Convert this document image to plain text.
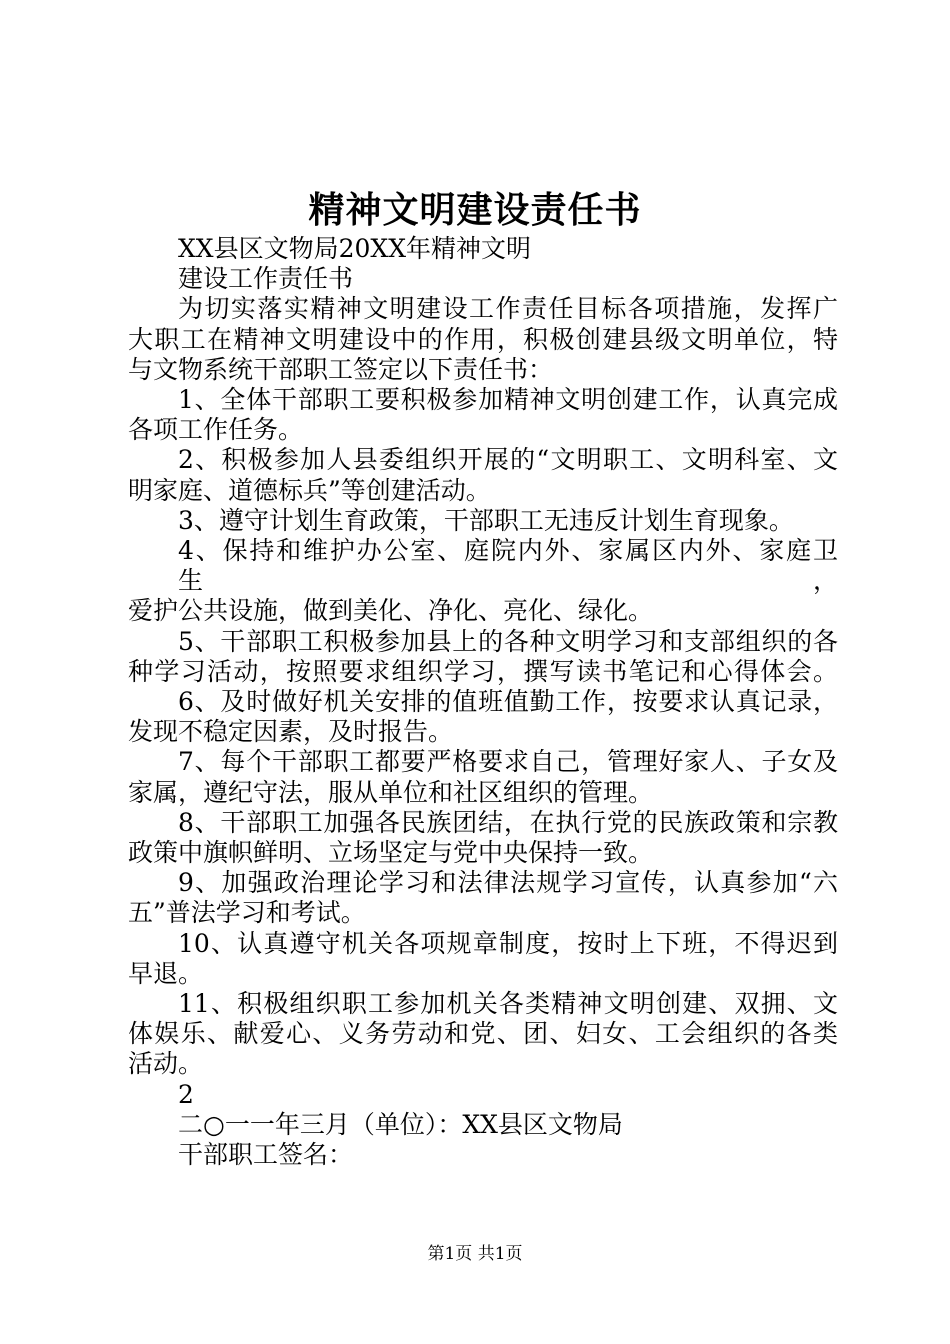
精神文明建设责任书
XX县区文物局20XX年精神文明
建设工作责任书
为切实落实精神文明建设工作责任目标各项措施，发挥广
大职工在精神文明建设中的作用，积极创建县级文明单位，特
与文物系统干部职工签定以下责任书：
1、全体干部职工要积极参加精神文明创建工作，认真完成
各项工作任务。
2、积极参加人县委组织开展的“文明职工、文明科室、文
明家庭、道德标兵”等创建活动。
3、遵守计划生育政策，干部职工无违反计划生育现象。
4、保持和维护办公室、庭院内外、家属区内外、家庭卫生，
爱护公共设施，做到美化、净化、亮化、绿化。
5、干部职工积极参加县上的各种文明学习和支部组织的各
种学习活动，按照要求组织学习，撰写读书笔记和心得体会。
6、及时做好机关安排的值班值勤工作，按要求认真记录，
发现不稳定因素，及时报告。
7、每个干部职工都要严格要求自己，管理好家人、子女及
家属，遵纪守法，服从单位和社区组织的管理。
8、干部职工加强各民族团结，在执行党的民族政策和宗教
政策中旗帜鲜明、立场坚定与党中央保持一致。
9、加强政治理论学习和法律法规学习宣传，认真参加“六
五”普法学习和考试。
10、认真遵守机关各项规章制度，按时上下班，不得迟到
早退。
11、积极组织职工参加机关各类精神文明创建、双拥、文
体娱乐、献爱心、义务劳动和党、团、妇女、工会组织的各类
活动。
2
二○一一年三月（单位）：XX县区文物局
干部职工签名：
第1页 共1页
